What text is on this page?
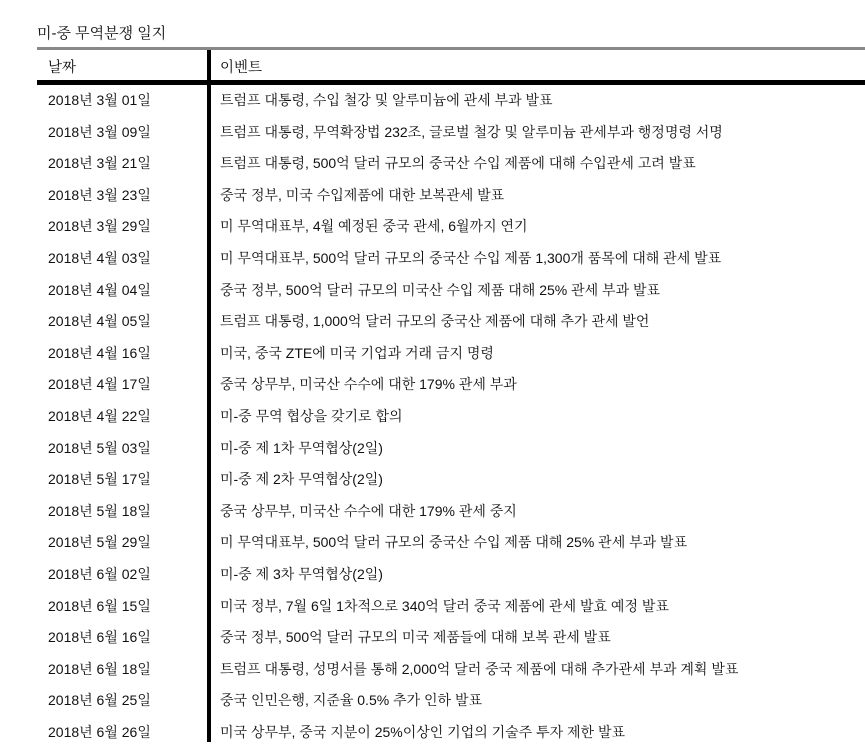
미-중 무역분쟁 일지
날짜	이벤트
2018년 3월 01일	트럼프 대통령, 수입 철강 및 알루미늄에 관세 부과 발표
2018년 3월 09일	트럼프 대통령, 무역확장법 232조, 글로벌 철강 및 알루미늄 관세부과 행정명령 서명
2018년 3월 21일	트럼프 대통령, 500억 달러 규모의 중국산 수입 제품에 대해 수입관세 고려 발표
2018년 3월 23일	중국 정부, 미국 수입제품에 대한 보복관세 발표
2018년 3월 29일	미 무역대표부, 4월 예정된 중국 관세, 6월까지 연기
2018년 4월 03일	미 무역대표부, 500억 달러 규모의 중국산 수입 제품 1,300개 품목에 대해 관세 발표
2018년 4월 04일	중국 정부, 500억 달러 규모의 미국산 수입 제품 대해 25% 관세 부과 발표
2018년 4월 05일	트럼프 대통령, 1,000억 달러 규모의 중국산 제품에 대해 추가 관세 발언
2018년 4월 16일	미국, 중국 ZTE에 미국 기업과 거래 금지 명령
2018년 4월 17일	중국 상무부, 미국산 수수에 대한 179% 관세 부과
2018년 4월 22일	미-중 무역 협상을 갖기로 합의
2018년 5월 03일	미-중 제 1차 무역협상(2일)
2018년 5월 17일	미-중 제 2차 무역협상(2일)
2018년 5월 18일	중국 상무부, 미국산 수수에 대한 179% 관세 중지
2018년 5월 29일	미 무역대표부, 500억 달러 규모의 중국산 수입 제품 대해 25% 관세 부과 발표
2018년 6월 02일	미-중 제 3차 무역협상(2일)
2018년 6월 15일	미국 정부, 7월 6일 1차적으로 340억 달러 중국 제품에 관세 발효 예정 발표
2018년 6월 16일	중국 정부, 500억 달러 규모의 미국 제품들에 대해 보복 관세 발표
2018년 6월 18일	트럼프 대통령, 성명서를 통해 2,000억 달러 중국 제품에 대해 추가관세 부과 계획 발표
2018년 6월 25일	중국 인민은행, 지준율 0.5% 추가 인하 발표
2018년 6월 26일	미국 상무부, 중국 지분이 25%이상인 기업의 기술주 투자 제한 발표
